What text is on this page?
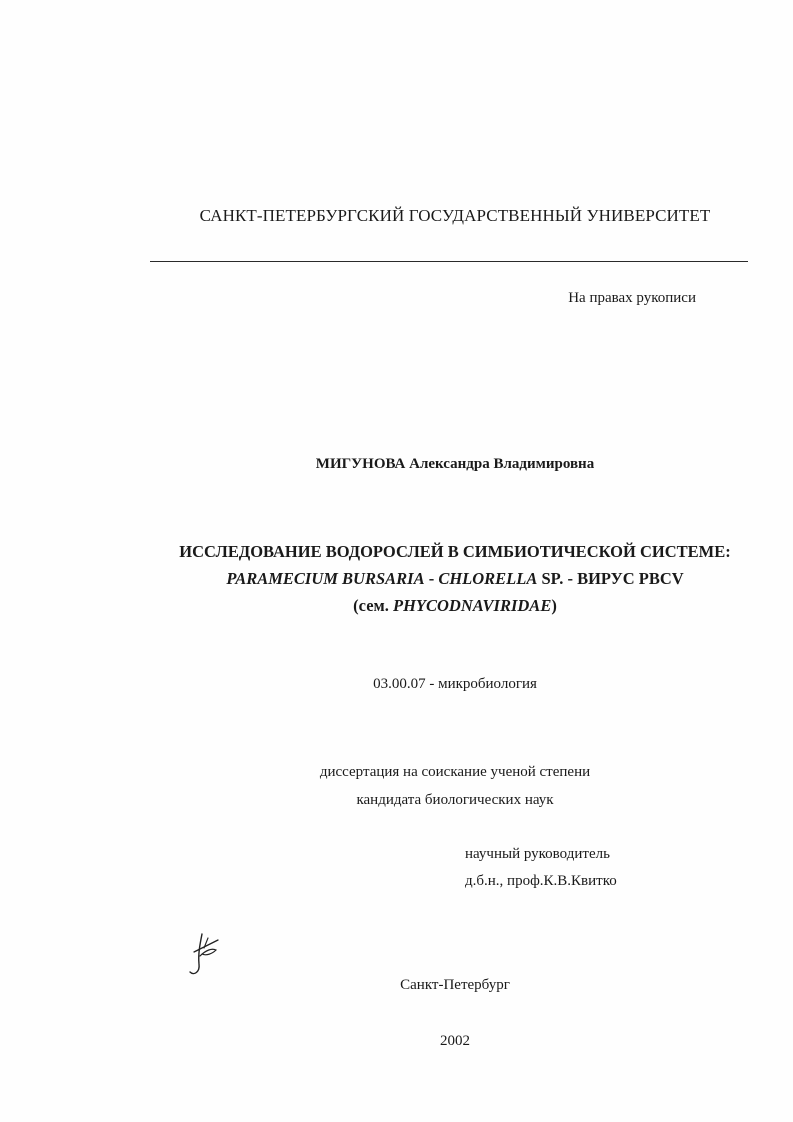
САНКТ-ПЕТЕРБУРГСКИЙ ГОСУДАРСТВЕННЫЙ УНИВЕРСИТЕТ
На правах рукописи
МИГУНОВА Александра Владимировна
ИССЛЕДОВАНИЕ ВОДОРОСЛЕЙ В СИМБИОТИЧЕСКОЙ СИСТЕМЕ:
PARAMECIUM BURSARIA - CHLORELLA SP. - ВИРУС PBCV
(сем. PHYCODNAVIRIDAE)
03.00.07 - микробиология
диссертация на соискание ученой степени
кандидата биологических наук
научный руководитель
д.б.н., проф.К.В.Квитко
Санкт-Петербург
2002
